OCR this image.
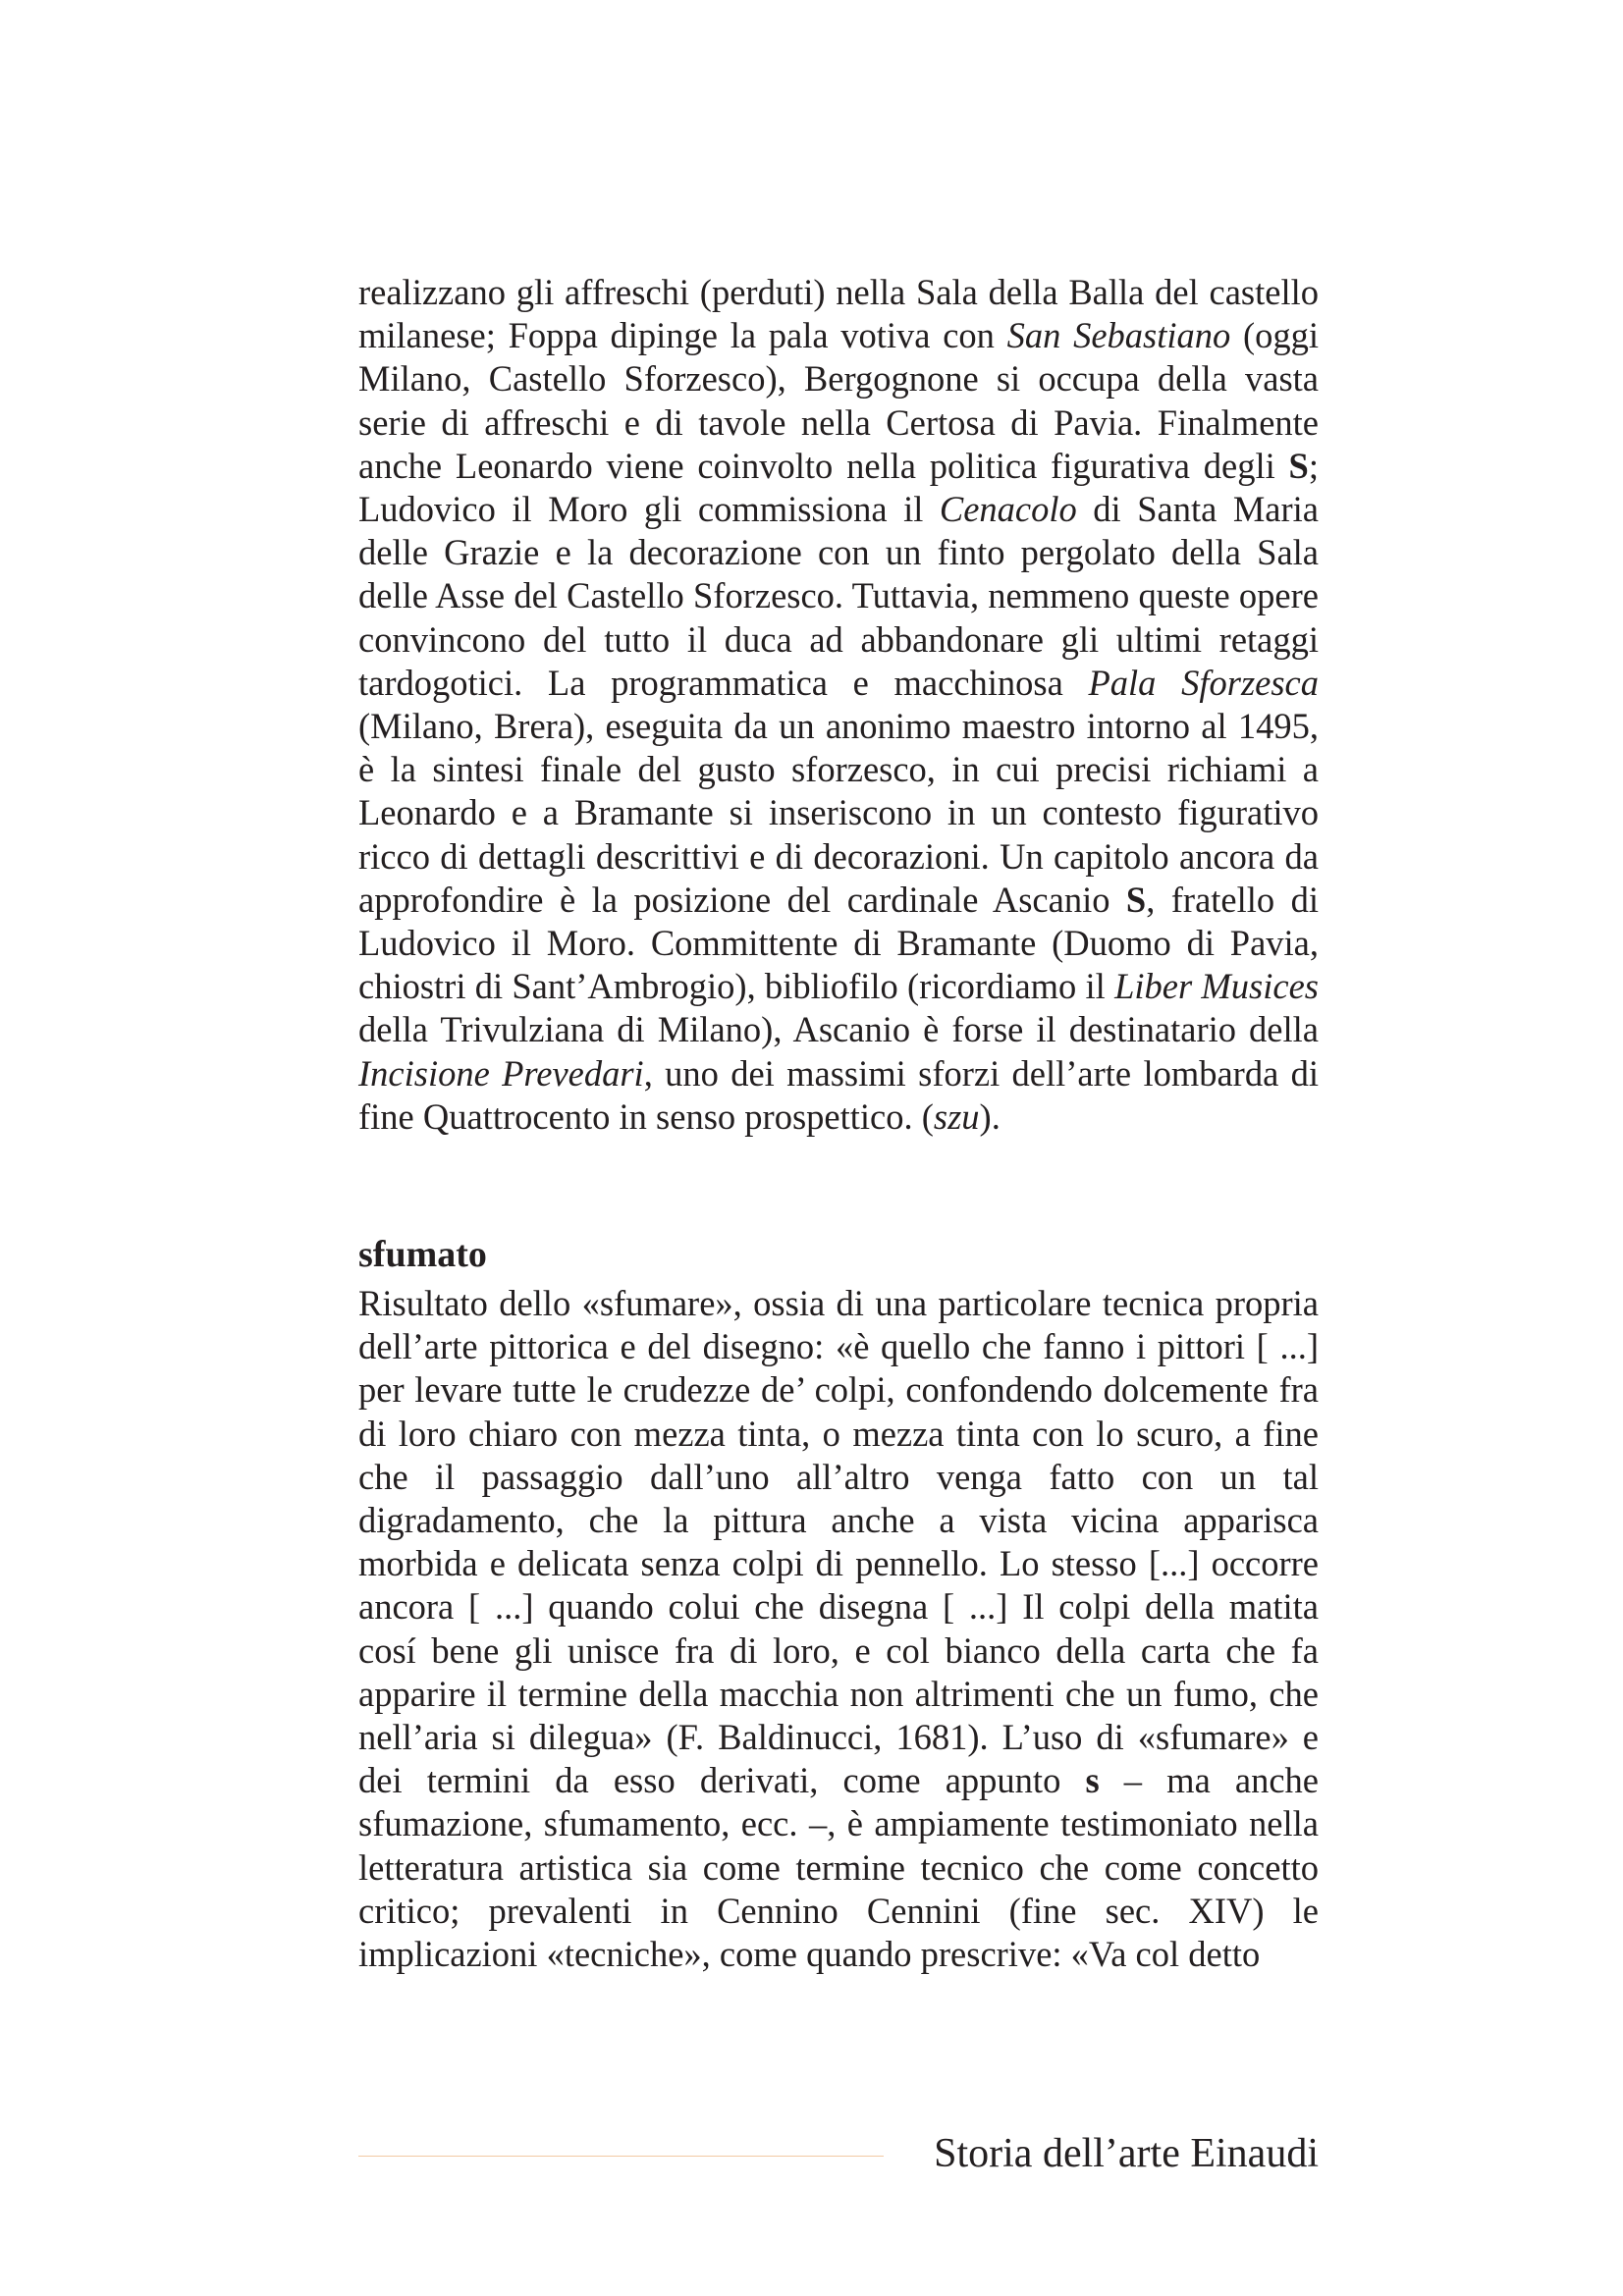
realizzano gli affreschi (perduti) nella Sala della Balla del castello milanese; Foppa dipinge la pala votiva con San Sebastiano (oggi Milano, Castello Sforzesco), Bergognone si occupa della vasta serie di affreschi e di tavole nella Certosa di Pavia. Finalmente anche Leonardo viene coinvolto nella politica figurativa degli S; Ludovico il Moro gli commissiona il Cenacolo di Santa Maria delle Grazie e la decorazione con un finto pergolato della Sala delle Asse del Castello Sforzesco. Tuttavia, nemmeno queste opere convincono del tutto il duca ad abbandonare gli ultimi retaggi tardogotici. La programmatica e macchinosa Pala Sforzesca (Milano, Brera), eseguita da un anonimo maestro intorno al 1495, è la sintesi finale del gusto sforzesco, in cui precisi richiami a Leonardo e a Bramante si inseriscono in un contesto figurativo ricco di dettagli descrittivi e di decorazioni. Un capitolo ancora da approfondire è la posizione del cardinale Ascanio S, fratello di Ludovico il Moro. Committente di Bramante (Duomo di Pavia, chiostri di Sant’Ambrogio), bibliofilo (ricordiamo il Liber Musices della Trivulziana di Milano), Ascanio è forse il destinatario della Incisione Prevedari, uno dei massimi sforzi dell’arte lombarda di fine Quattrocento in senso prospettico. (szu).

sfumato

Risultato dello «sfumare», ossia di una particolare tecnica propria dell’arte pittorica e del disegno: «è quello che fanno i pittori [ ...] per levare tutte le crudezze de’ colpi, confondendo dolcemente fra di loro chiaro con mezza tinta, o mezza tinta con lo scuro, a fine che il passaggio dall’uno all’altro venga fatto con un tal digradamento, che la pittura anche a vista vicina apparisca morbida e delicata senza colpi di pennello. Lo stesso [...] occorre ancora [ ...] quando colui che disegna [ ...] Il colpi della matita cosí bene gli unisce fra di loro, e col bianco della carta che fa apparire il termine della macchia non altrimenti che un fumo, che nell’aria si dilegua» (F. Baldinucci, 1681). L’uso di «sfumare» e dei termini da esso derivati, come appunto s – ma anche sfumazione, sfumamento, ecc. –, è ampiamente testimoniato nella letteratura artistica sia come termine tecnico che come concetto critico; prevalenti in Cennino Cennini (fine sec. XIV) le implicazioni «tecniche», come quando prescrive: «Va col detto

Storia dell’arte Einaudi
